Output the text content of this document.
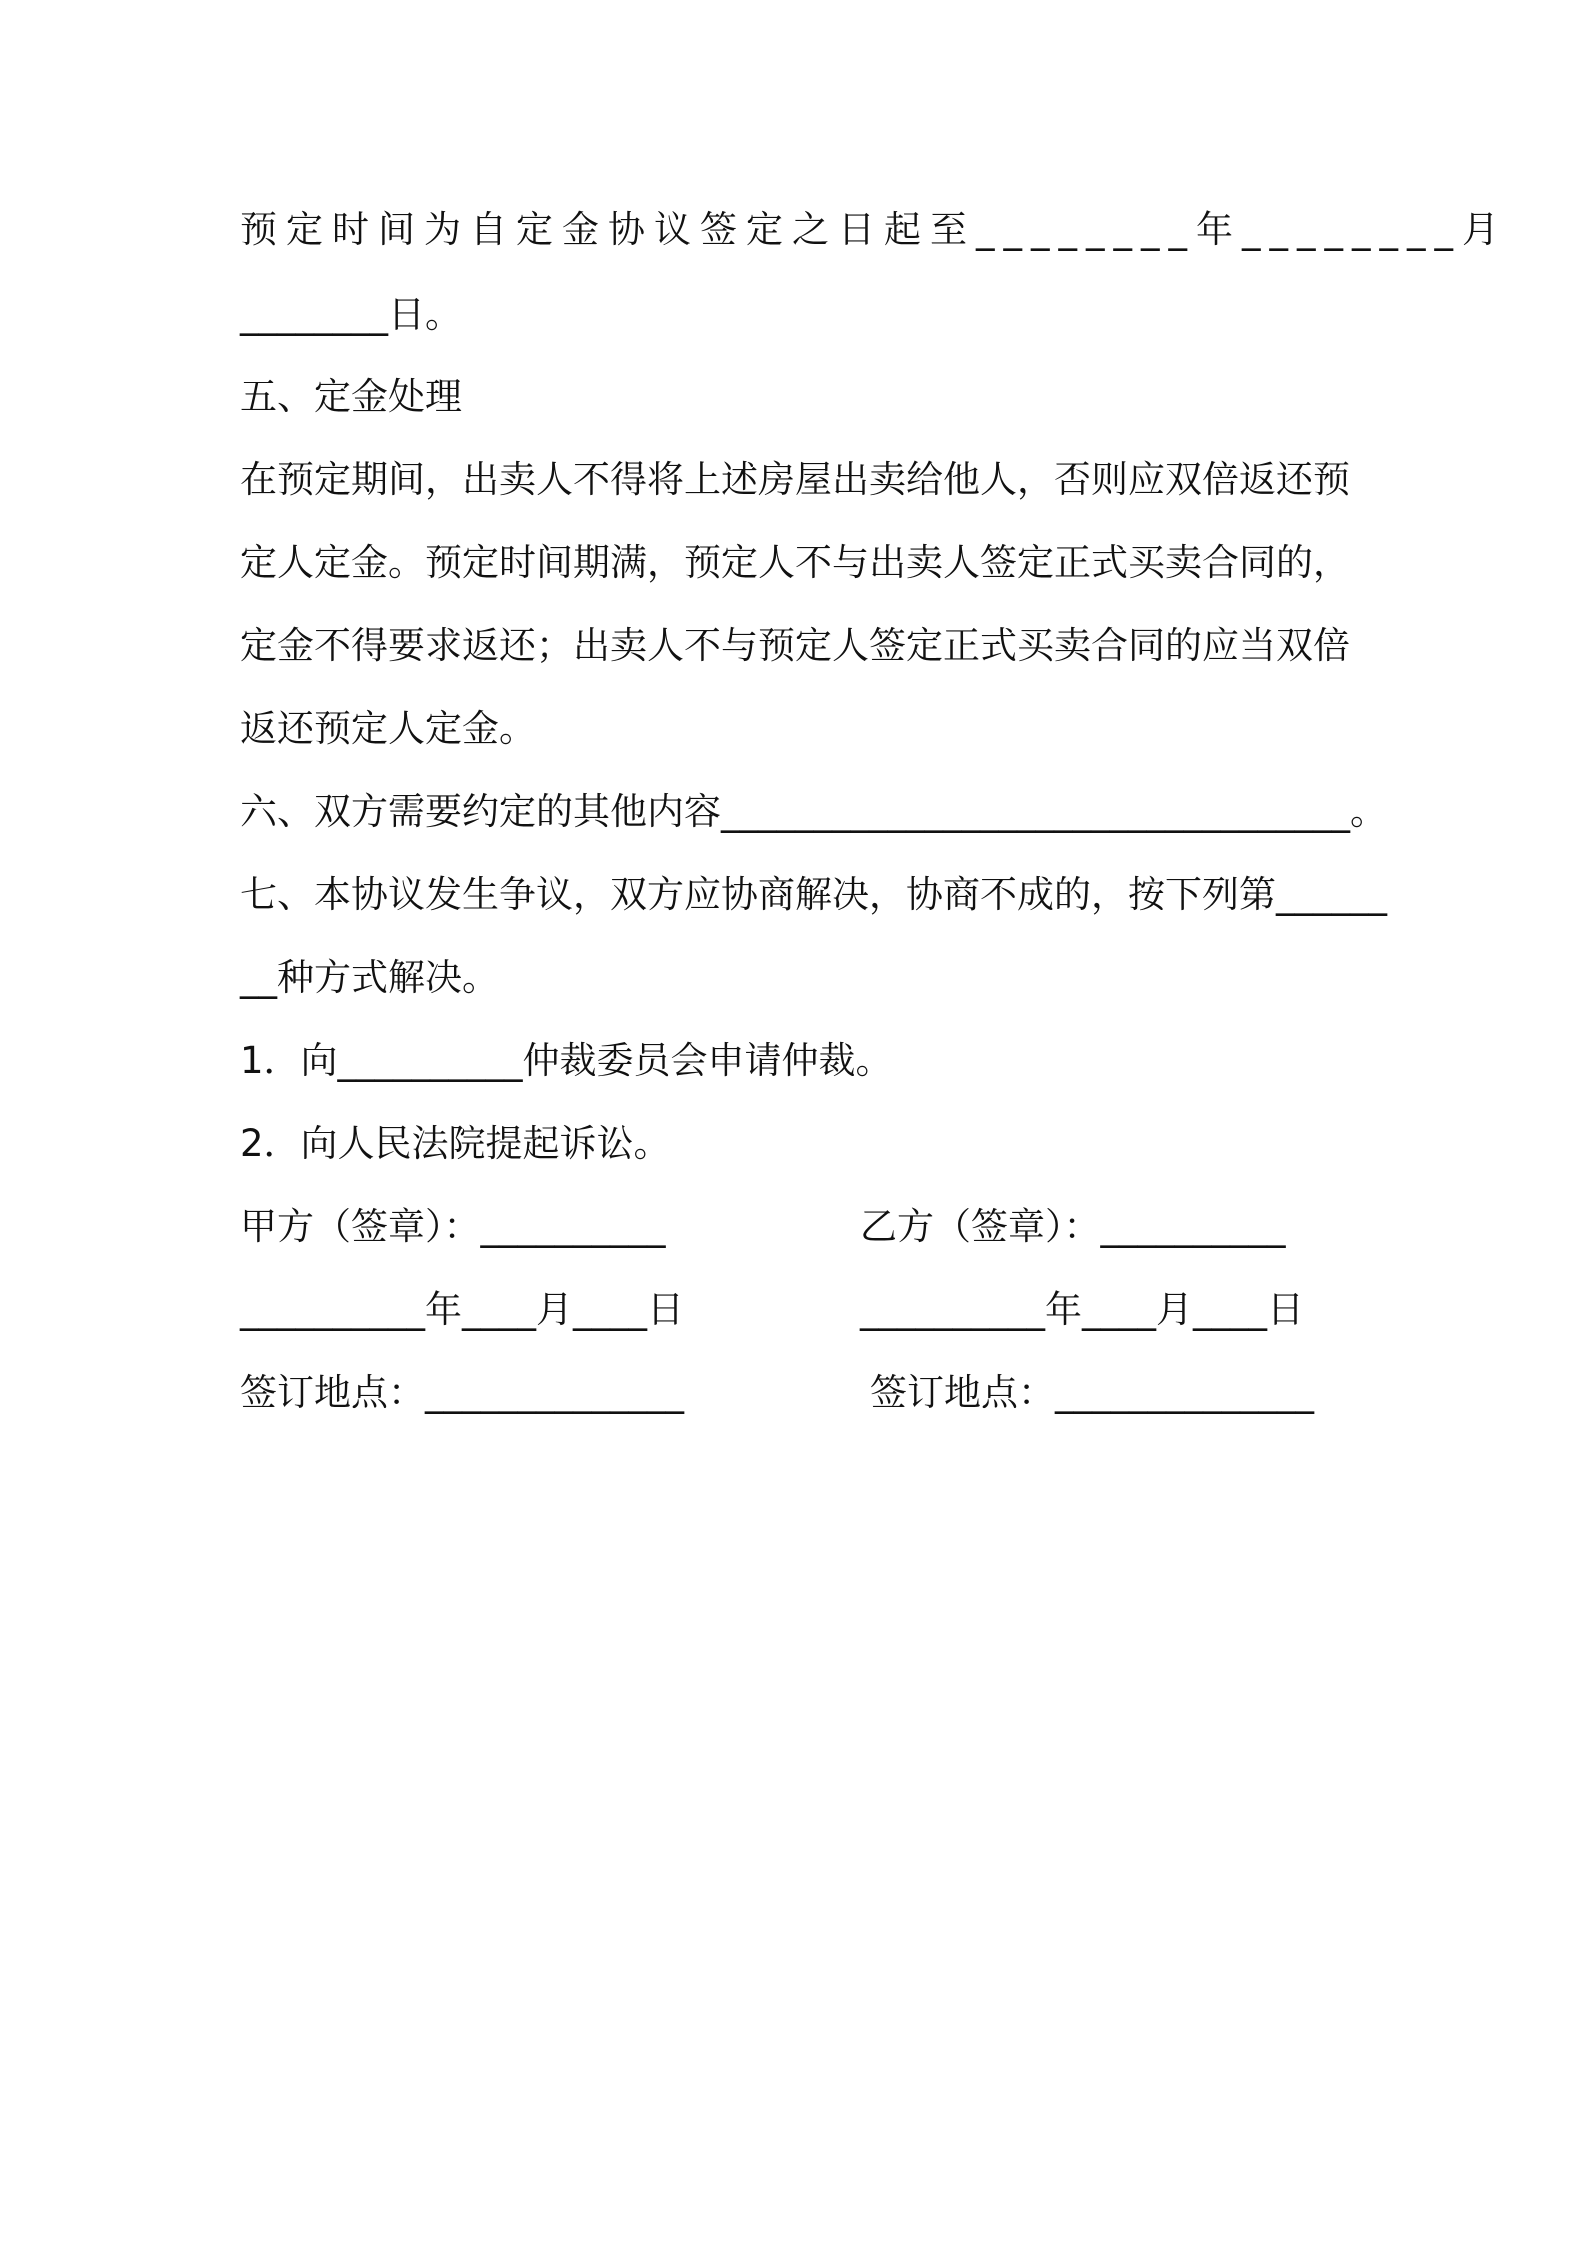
预定时间为自定金协议签定之日起至________年________月
________日。
五、定金处理
在预定期间，出卖人不得将上述房屋出卖给他人，否则应双倍返还预
定人定金。预定时间期满，预定人不与出卖人签定正式买卖合同的，
定金不得要求返还；出卖人不与预定人签定正式买卖合同的应当双倍
返还预定人定金。
六、双方需要约定的其他内容__________________________________。
七、本协议发生争议，双方应协商解决，协商不成的，按下列第______
__种方式解决。
1．向__________仲裁委员会申请仲裁。
2．向人民法院提起诉讼。
甲方（签章）：__________	乙方（签章）：__________
__________年____月____日	__________年____月____日
签订地点：______________	签订地点：______________
